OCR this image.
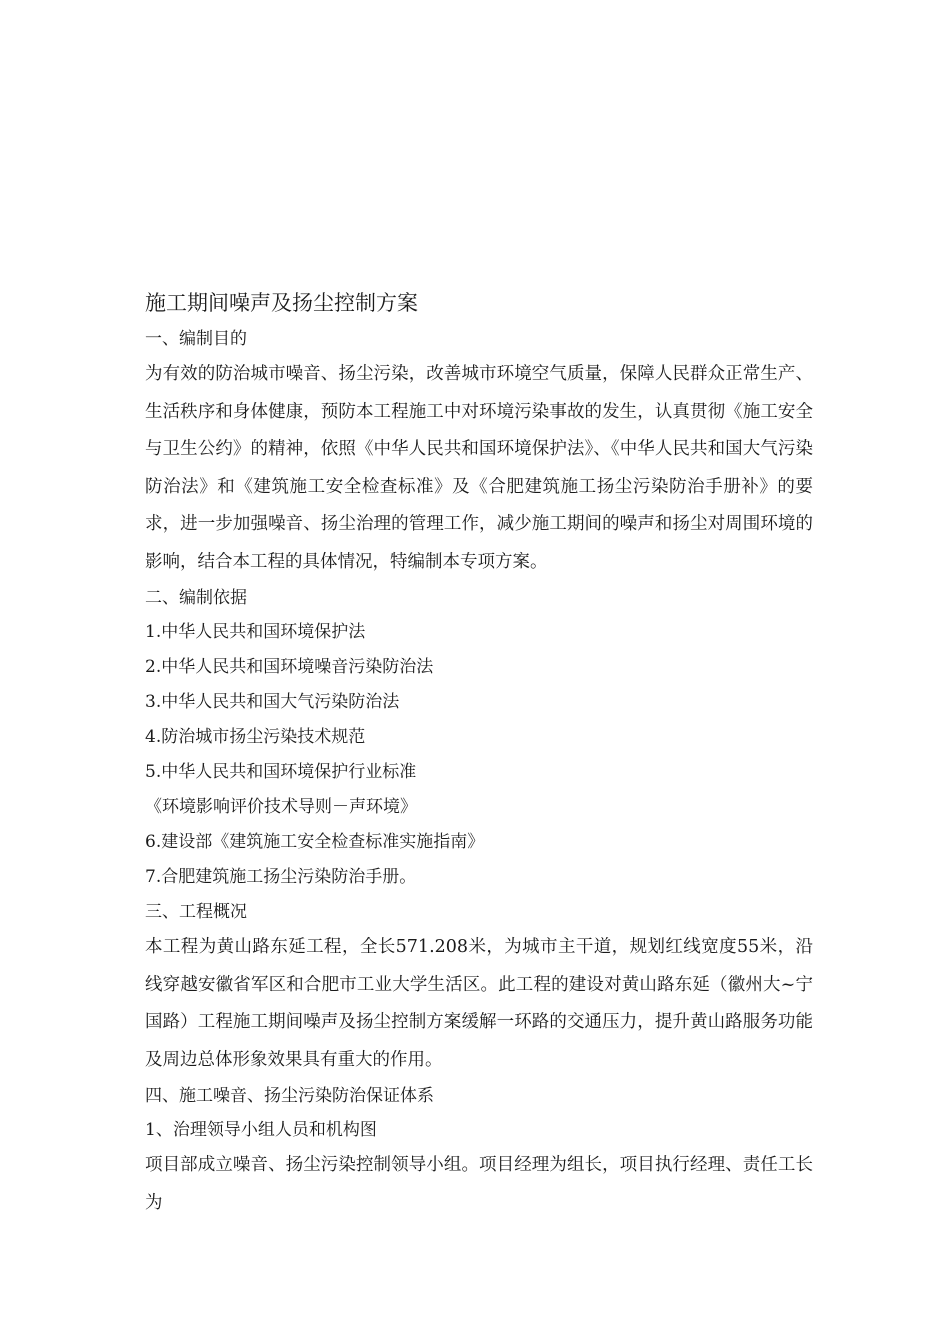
施工期间噪声及扬尘控制方案

一、编制目的

为有效的防治城市噪音、扬尘污染，改善城市环境空气质量，保障人民群众正常生产、生活秩序和身体健康，预防本工程施工中对环境污染事故的发生，认真贯彻《施工安全与卫生公约》的精神，依照《中华人民共和国环境保护法》、《中华人民共和国大气污染防治法》和《建筑施工安全检查标准》及《合肥建筑施工扬尘污染防治手册补》的要求，进一步加强噪音、扬尘治理的管理工作，减少施工期间的噪声和扬尘对周围环境的影响，结合本工程的具体情况，特编制本专项方案。

二、编制依据

1.中华人民共和国环境保护法

2.中华人民共和国环境噪音污染防治法

3.中华人民共和国大气污染防治法

4.防治城市扬尘污染技术规范

5.中华人民共和国环境保护行业标准

《环境影响评价技术导则－声环境》

6.建设部《建筑施工安全检查标准实施指南》

7.合肥建筑施工扬尘污染防治手册。

三、工程概况

本工程为黄山路东延工程，全长571.208米，为城市主干道，规划红线宽度55米，沿线穿越安徽省军区和合肥市工业大学生活区。此工程的建设对黄山路东延（徽州大~宁国路）工程施工期间噪声及扬尘控制方案缓解一环路的交通压力，提升黄山路服务功能及周边总体形象效果具有重大的作用。

四、施工噪音、扬尘污染防治保证体系

1、治理领导小组人员和机构图

项目部成立噪音、扬尘污染控制领导小组。项目经理为组长，项目执行经理、责任工长为
